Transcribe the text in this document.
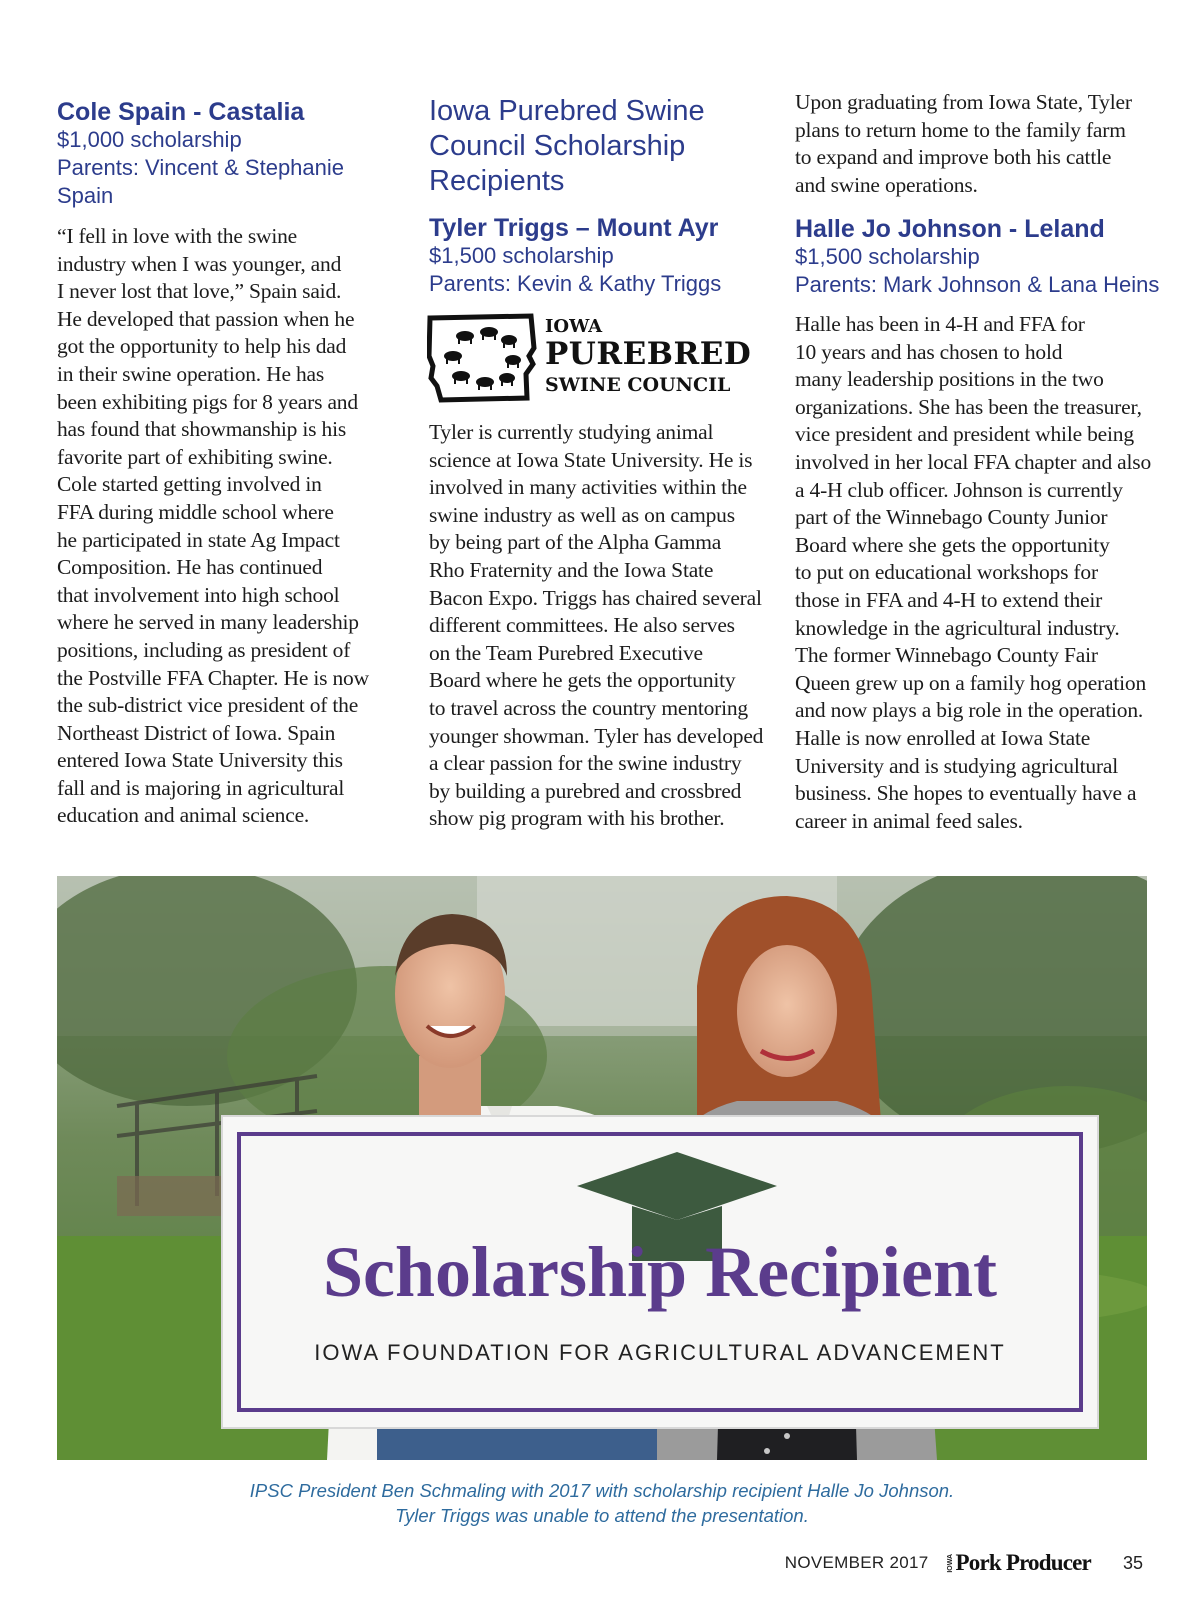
Cole Spain - Castalia
$1,000 scholarship
Parents: Vincent & Stephanie
Spain

“I fell in love with the swine

industry when I was younger, and

I never lost that love,” Spain said.

He developed that passion when he

got the opportunity to help his dad

in their swine operation. He has

been exhibiting pigs for 8 years and

has found that showmanship is his

favorite part of exhibiting swine.

Cole started getting involved in

FFA during middle school where

he participated in state Ag Impact

Composition. He has continued

that involvement into high school

where he served in many leadership

positions, including as president of

the Postville FFA Chapter. He is now

the sub-district vice president of the

Northeast District of Iowa. Spain

entered Iowa State University this

fall and is majoring in agricultural

education and animal science.

Iowa Purebred Swine
Council Scholarship
Recipients
Tyler Triggs – Mount Ayr
$1,500 scholarship
Parents: Kevin & Kathy Triggs
IOWA
PUREBRED
SWINE COUNCIL

Tyler is currently studying animal

science at Iowa State University. He is

involved in many activities within the

swine industry as well as on campus

by being part of the Alpha Gamma

Rho Fraternity and the Iowa State

Bacon Expo. Triggs has chaired several

different committees. He also serves

on the Team Purebred Executive

Board where he gets the opportunity

to travel across the country mentoring

younger showman. Tyler has developed

a clear passion for the swine industry

by building a purebred and crossbred

show pig program with his brother.

Upon graduating from Iowa State, Tyler

plans to return home to the family farm

to expand and improve both his cattle

and swine operations.

Halle Jo Johnson - Leland
$1,500 scholarship
Parents: Mark Johnson & Lana Heins

Halle has been in 4-H and FFA for

10 years and has chosen to hold

many leadership positions in the two

organizations. She has been the treasurer,

vice president and president while being

involved in her local FFA chapter and also

a 4-H club officer. Johnson is currently

part of the Winnebago County Junior

Board where she gets the opportunity

to put on educational workshops for

those in FFA and 4-H to extend their

knowledge in the agricultural industry.

The former Winnebago County Fair

Queen grew up on a family hog operation

and now plays a big role in the operation.

Halle is now enrolled at Iowa State

University and is studying agricultural

business. She hopes to eventually have a

career in animal feed sales.

Scholarship Recipient
IOWA FOUNDATION FOR AGRICULTURAL ADVANCEMENT
IPSC President Ben Schmaling with 2017 with scholarship recipient Halle Jo Johnson.
Tyler Triggs was unable to attend the presentation.
NOVEMBER 2017	IOWA Pork Producer 35
